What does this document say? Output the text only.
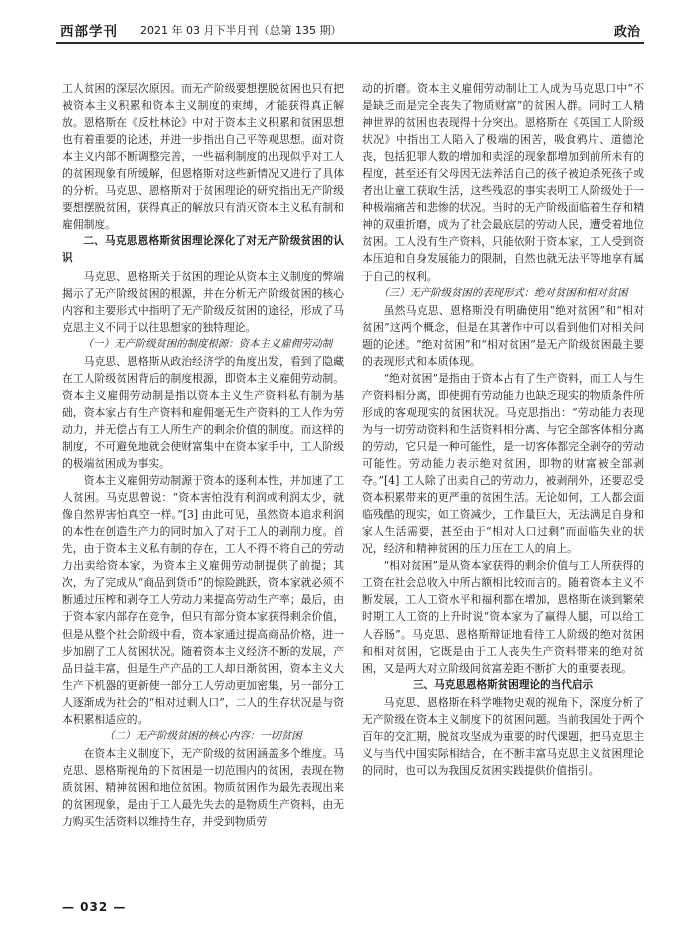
西部学刊 2021 年 03 月下半月刊（总第 135 期）	政治

工人贫困的深层次原因。而无产阶级要想摆脱贫困也只有把被资本主义积累和资本主义制度的束缚，才能获得真正解放。恩格斯在《反杜林论》中对于资本主义积累和贫困思想也有着重要的论述，并进一步指出自己平等观思想。面对资本主义内部不断调整完善，一些福利制度的出现似乎对工人的贫困现象有所缓解，但恩格斯对这些新情况又进行了具体的分析。马克思、恩格斯对于贫困理论的研究指出无产阶级要想摆脱贫困，获得真正的解放只有消灭资本主义私有制和雇佣制度。

二、马克思恩格斯贫困理论深化了对无产阶级贫困的认识

马克思、恩格斯关于贫困的理论从资本主义制度的弊端揭示了无产阶级贫困的根源，并在分析无产阶级贫困的核心内容和主要形式中指明了无产阶级反贫困的途径，形成了马克思主义不同于以往思想家的独特理论。

（一）无产阶级贫困的制度根源：资本主义雇佣劳动制

马克思、恩格斯从政治经济学的角度出发，看到了隐藏在工人阶级贫困背后的制度根源，即资本主义雇佣劳动制。资本主义雇佣劳动制是指以资本主义生产资料私有制为基础，资本家占有生产资料和雇佣毫无生产资料的工人作为劳动力，并无偿占有工人所生产的剩余价值的制度。而这样的制度，不可避免地就会使财富集中在资本家手中，工人阶级的极端贫困成为事实。

资本主义雇佣劳动制源于资本的逐利本性，并加速了工人贫困。马克思曾说：“资本害怕没有利润或利润太少，就像自然界害怕真空一样。”[3] 由此可见，虽然资本追求利润的本性在创造生产力的同时加入了对于工人的剥削力度。首先，由于资本主义私有制的存在，工人不得不将自己的劳动力出卖给资本家，为资本主义雇佣劳动制提供了前提；其次，为了完成从“商品到货币”的惊险跳跃，资本家就必须不断通过压榨和剥夺工人劳动力来提高劳动生产率；最后，由于资本家内部存在竞争，但只有部分资本家获得剩余价值，但是从整个社会阶级中看，资本家通过提高商品价格，进一步加剧了工人贫困状况。随着资本主义经济不断的发展，产品日益丰富，但是生产产品的工人却日渐贫困，资本主义大生产下机器的更新使一部分工人劳动更加密集，另一部分工人逐渐成为社会的“相对过剩人口”，二人的生存状况是与资本积累相适应的。

（二）无产阶级贫困的核心内容：一切贫困

在资本主义制度下，无产阶级的贫困涵盖多个维度。马克思、恩格斯视角的下贫困是一切范围内的贫困，表现在物质贫困、精神贫困和地位贫困。物质贫困作为最先表现出来的贫困现象，是由于工人最先失去的是物质生产资料，由无力购买生活资料以维持生存，并受到物质劳

动的折磨。资本主义雇佣劳动制让工人成为马克思口中“不是缺乏而是完全丧失了物质财富”的贫困人群。同时工人精神世界的贫困也表现得十分突出。恩格斯在《英国工人阶级状况》中指出工人陷入了极端的困苦，吸食鸦片、道德沦丧，包括犯罪人数的增加和卖淫的现象都增加到前所未有的程度，甚至还有父母因无法养活自己的孩子被迫杀死孩子或者出让童工获取生活，这些残忍的事实表明工人阶级处于一种极端痛苦和悲惨的状况。当时的无产阶级面临着生存和精神的双重折磨，成为了社会最底层的劳动人民，遭受着地位贫困。工人没有生产资料，只能依附于资本家，工人受到资本压迫和自身发展能力的限制，自然也就无法平等地享有属于自己的权利。

（三）无产阶级贫困的表现形式：绝对贫困和相对贫困

虽然马克思、恩格斯没有明确使用“绝对贫困”和“相对贫困”这两个概念，但是在其著作中可以看到他们对相关问题的论述。“绝对贫困”和“相对贫困”是无产阶级贫困最主要的表现形式和本质体现。

“绝对贫困”是指由于资本占有了生产资料，而工人与生产资料相分离，即使拥有劳动能力也缺乏现实的物质条件所形成的客观现实的贫困状况。马克思指出：“劳动能力表现为与一切劳动资料和生活资料相分离、与它全部客体相分离的劳动，它只是一种可能性，是一切客体都完全剥夺的劳动可能性。劳动能力表示绝对贫困，即物的财富被全部剥夺。”[4] 工人除了出卖自己的劳动力，被剥削外，还要忍受资本积累带来的更严重的贫困生活。无论如何，工人都会面临残酷的现实，如工资减少，工作量巨大，无法满足自身和家人生活需要，甚至由于“相对人口过剩”而面临失业的状况，经济和精神贫困的压力压在工人的肩上。

“相对贫困”是从资本家获得的剩余价值与工人所获得的工资在社会总收入中所占额相比较而言的。随着资本主义不断发展，工人工资水平和福利都在增加，恩格斯在谈到繁荣时期工人工资的上升时说“资本家为了赢得人腿，可以给工人吞肠”。马克思、恩格斯辩证地看待工人阶级的绝对贫困和相对贫困，它既是由于工人丧失生产资料带来的绝对贫困，又是两大对立阶级间贫富差距不断扩大的重要表现。

三、马克思恩格斯贫困理论的当代启示

马克思、恩格斯在科学唯物史观的视角下，深度分析了无产阶级在资本主义制度下的贫困问题。当前我国处于两个百年的交汇期，脱贫攻坚成为重要的时代课题，把马克思主义与当代中国实际相结合，在不断丰富马克思主义贫困理论的同时，也可以为我国反贫困实践提供价值指引。

— 032 —
